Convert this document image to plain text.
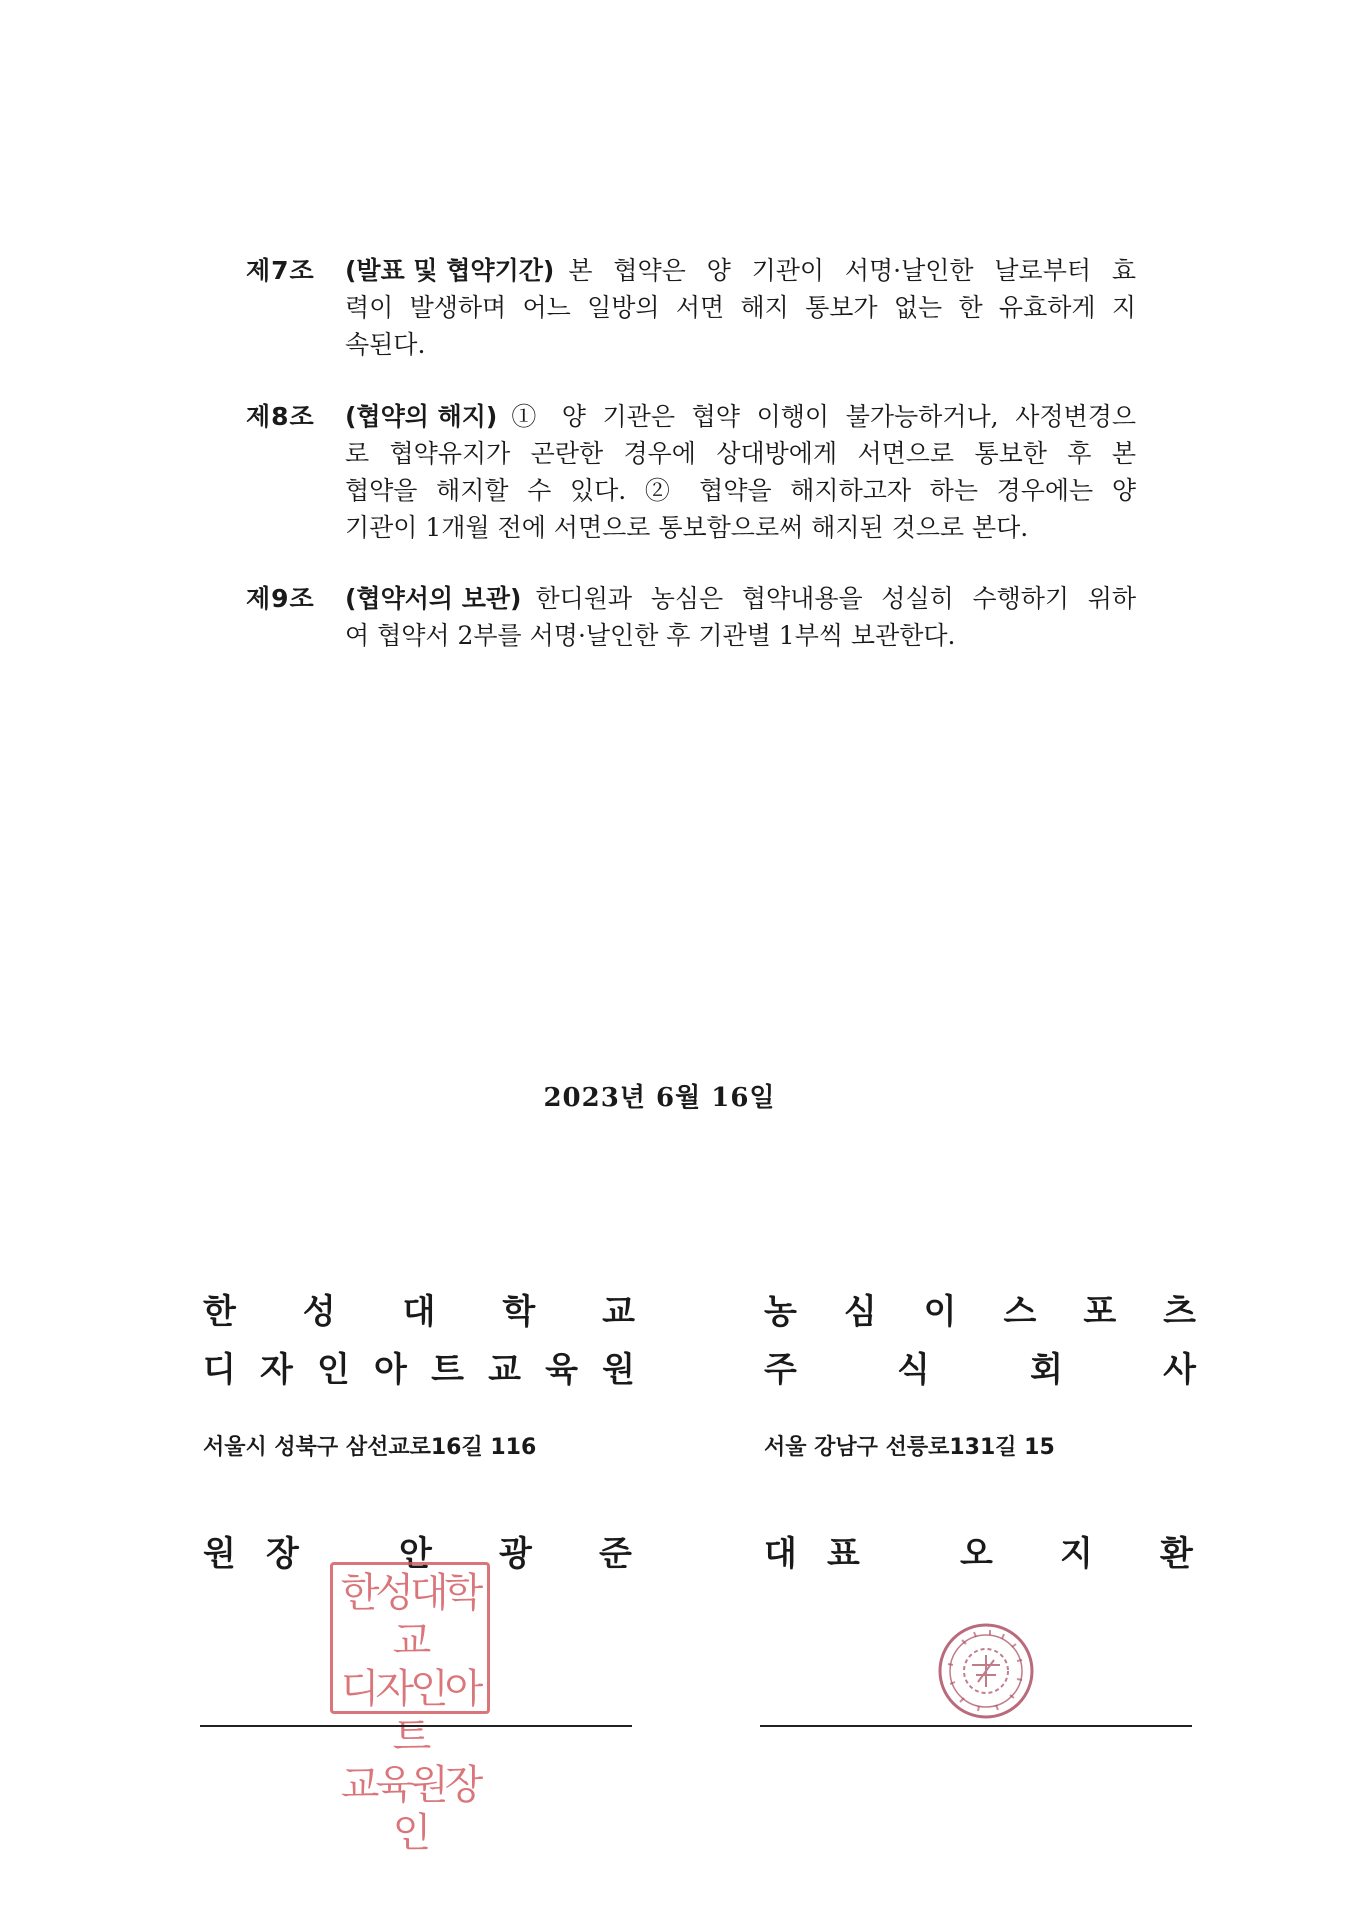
제7조	(발표 및 협약기간) 본 협약은 양 기관이 서명·날인한 날로부터 효
력이 발생하며 어느 일방의 서면 해지 통보가 없는 한 유효하게 지
속된다.
제8조	(협약의 해지) ① 양 기관은 협약 이행이 불가능하거나, 사정변경으
로 협약유지가 곤란한 경우에 상대방에게 서면으로 통보한 후 본
협약을 해지할 수 있다. ② 협약을 해지하고자 하는 경우에는 양
기관이 1개월 전에 서면으로 통보함으로써 해지된 것으로 본다.
제9조	(협약서의 보관) 한디원과 농심은 협약내용을 성실히 수행하기 위하
여 협약서 2부를 서명·날인한 후 기관별 1부씩 보관한다.
2023년 6월 16일
한 성 대 학 교
디 자 인 아 트 교 육 원
서울시 성북구 삼선교로16길 116
원 장	안 광 준
한성대학교
디자인아트
교육원장인
농 심 이 스 포 츠
주	식	회	사
서울 강남구 선릉로131길 15
대 표	오 지 환
